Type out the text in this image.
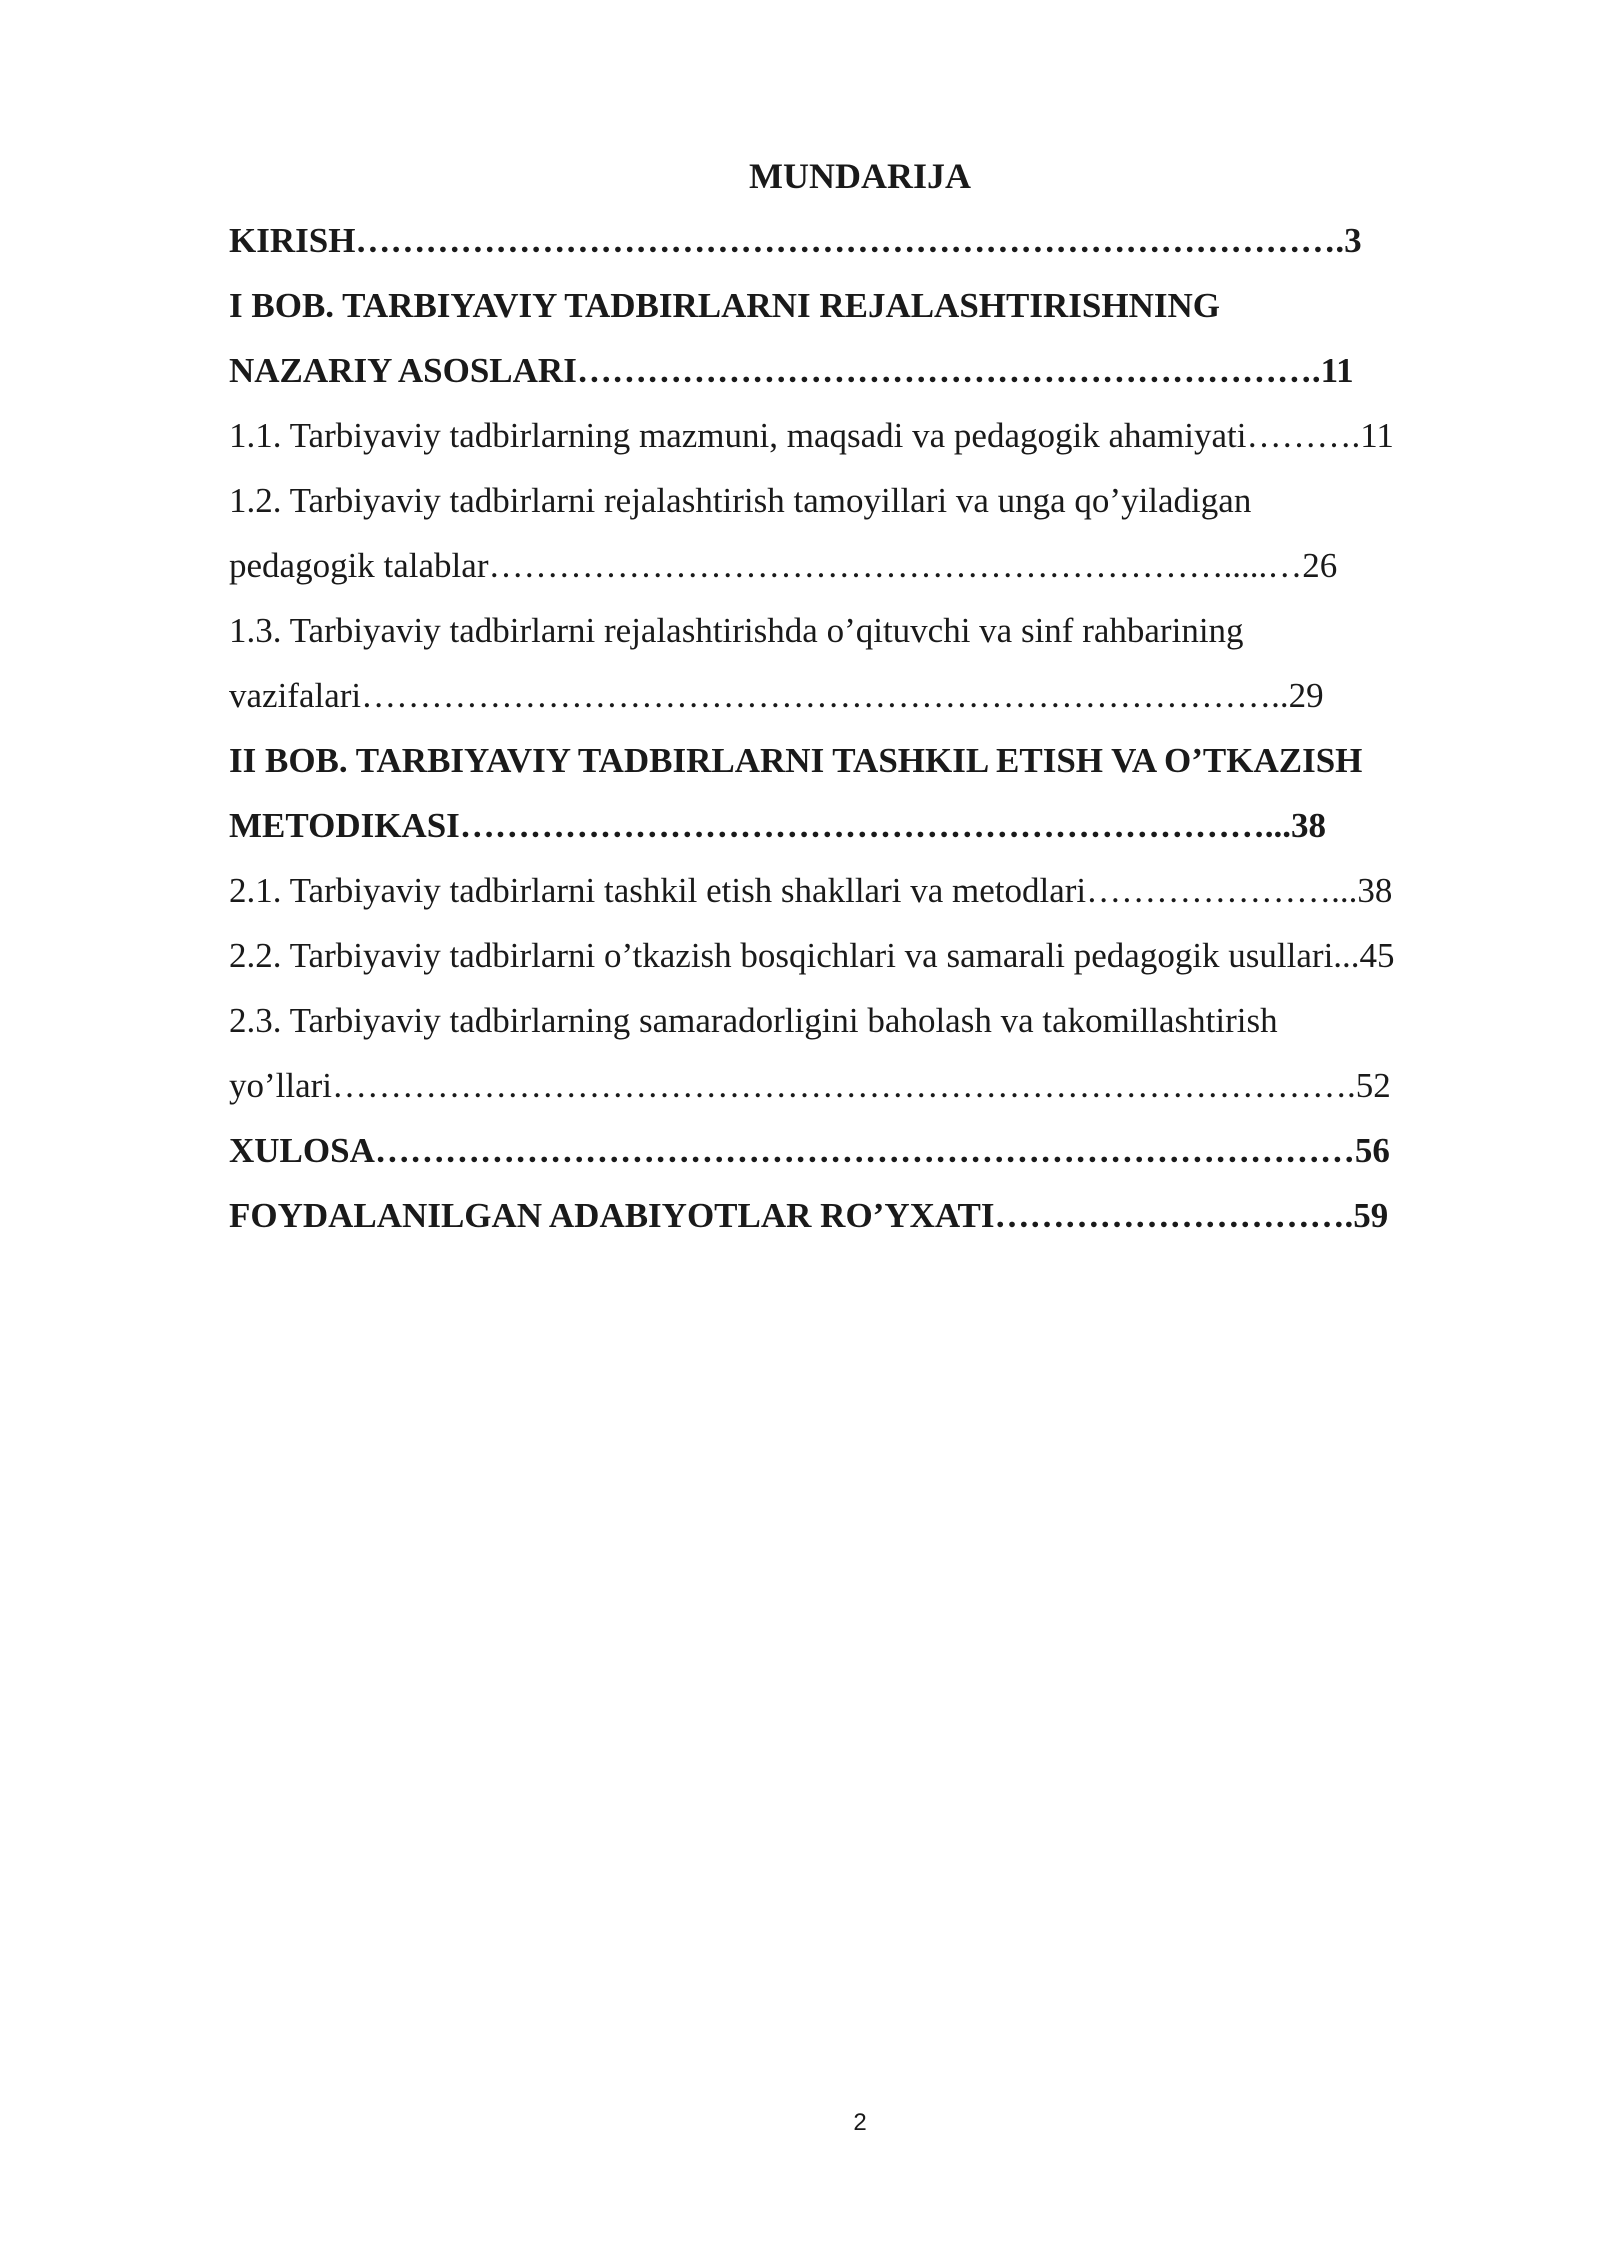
MUNDARIJA
KIRISH………………………………………………………………………….3
I BOB. TARBIYAVIY TADBIRLARNI REJALASHTIRISHNING
NAZARIY ASOSLARI……………………………………………………….11
1.1. Tarbiyaviy tadbirlarning mazmuni, maqsadi va pedagogik ahamiyati……….11
1.2. Tarbiyaviy tadbirlarni rejalashtirish tamoyillari va unga qo’yiladigan
pedagogik talablar……………………………………………………….....…26
1.3. Tarbiyaviy tadbirlarni rejalashtirishda o’qituvchi va sinf rahbarining
vazifalari……………………………………………………………………..29
II BOB. TARBIYAVIY TADBIRLARNI TASHKIL ETISH VA O’TKAZISH
METODIKASI……………………………………………………………...38
2.1. Tarbiyaviy tadbirlarni tashkil etish shakllari va metodlari…………………...38
2.2. Tarbiyaviy tadbirlarni o’tkazish bosqichlari va samarali pedagogik usullari...45
2.3. Tarbiyaviy tadbirlarning samaradorligini baholash va takomillashtirish
yo’llari…………………………………………………………………………….52
XULOSA…………………………………………………………………………56
FOYDALANILGAN ADABIYOTLAR RO’YXATI………………………….59
2
